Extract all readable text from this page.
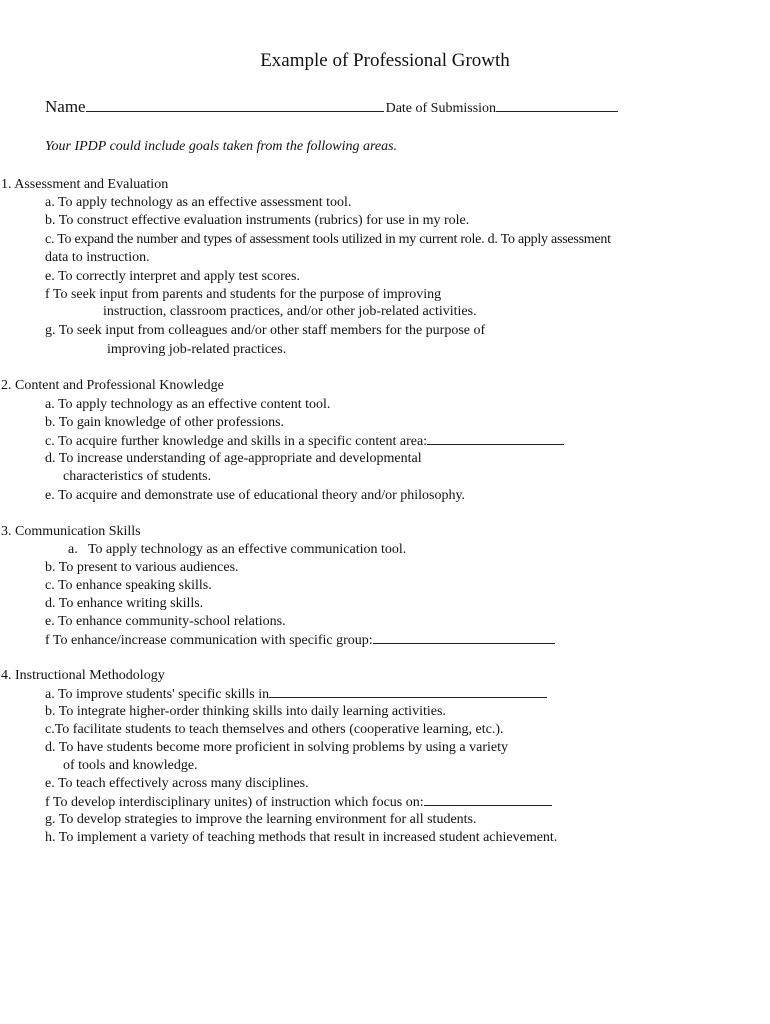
Example of Professional Growth
Name	Date of Submission
Your IPDP could include goals taken from the following areas.
1. Assessment and Evaluation
a. To apply technology as an effective assessment tool.
b. To construct effective evaluation instruments (rubrics) for use in my role.
c. To expand the number and types of assessment tools utilized in my current role. d. To apply assessment
data to instruction.
e. To correctly interpret and apply test scores.
f To seek input from parents and students for the purpose of improving
instruction, classroom practices, and/or other job-related activities.
g. To seek input from colleagues and/or other staff members for the purpose of
improving job-related practices.
2. Content and Professional Knowledge
a. To apply technology as an effective content tool.
b. To gain knowledge of other professions.
c. To acquire further knowledge and skills in a specific content area:
d. To increase understanding of age-appropriate and developmental
characteristics of students.
e. To acquire and demonstrate use of educational theory and/or philosophy.
3. Communication Skills
a.   To apply technology as an effective communication tool.
b. To present to various audiences.
c. To enhance speaking skills.
d. To enhance writing skills.
e. To enhance community-school relations.
f To enhance/increase communication with specific group:
4. Instructional Methodology
a. To improve students' specific skills in
b. To integrate higher-order thinking skills into daily learning activities.
c.To facilitate students to teach themselves and others (cooperative learning, etc.).
d. To have students become more proficient in solving problems by using a variety
of tools and knowledge.
e. To teach effectively across many disciplines.
f To develop interdisciplinary unites) of instruction which focus on:
g. To develop strategies to improve the learning environment for all students.
h. To implement a variety of teaching methods that result in increased student achievement.
